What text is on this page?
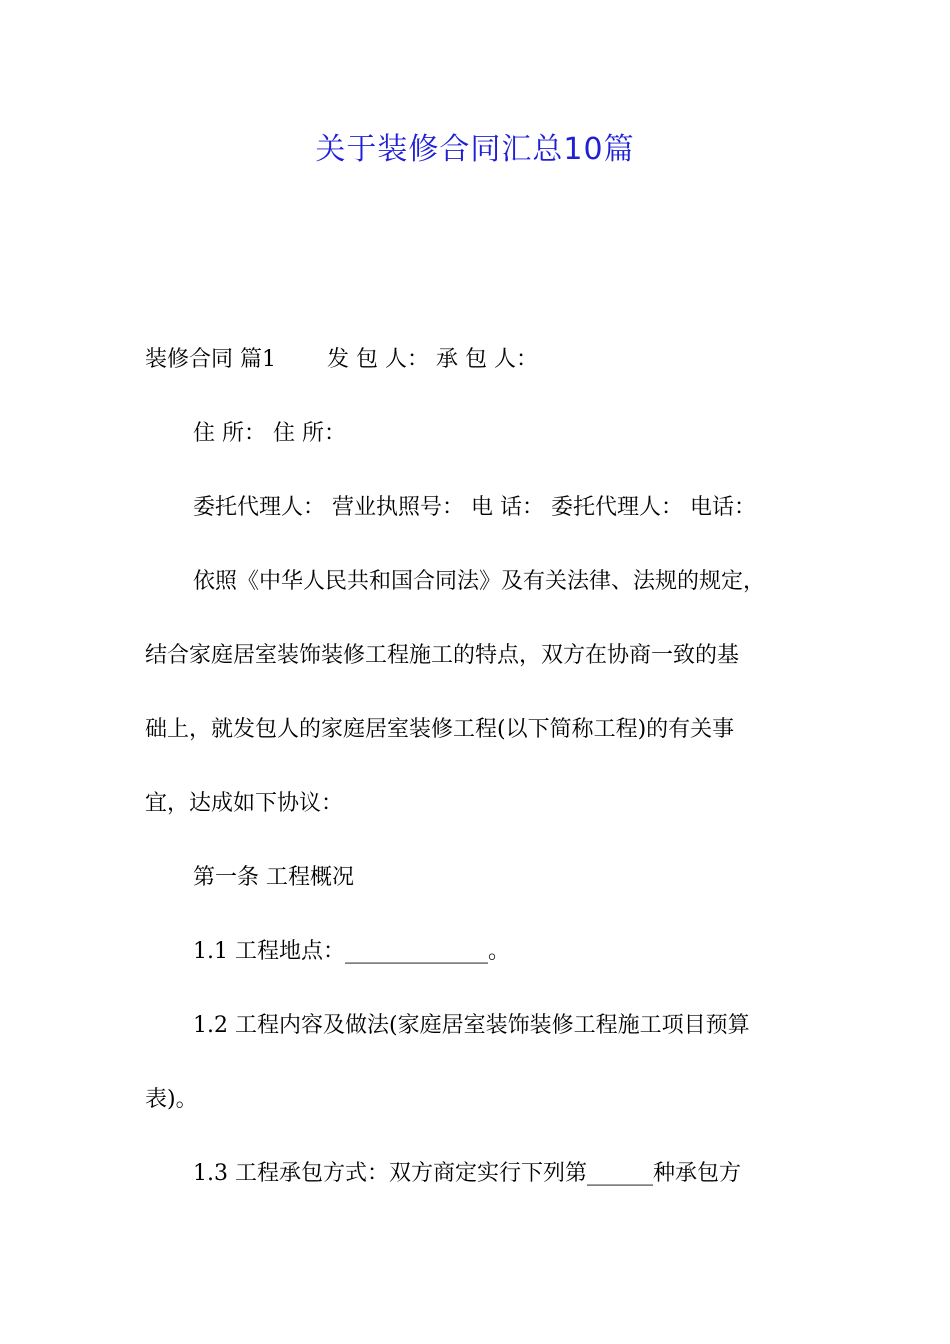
关于装修合同汇总10篇
装修合同 篇1　　 发 包 人： 承 包 人：
住 所： 住 所：
委托代理人： 营业执照号： 电 话： 委托代理人： 电话：
依照《中华人民共和国合同法》及有关法律、法规的规定，
结合家庭居室装饰装修工程施工的特点，双方在协商一致的基
础上，就发包人的家庭居室装修工程(以下简称工程)的有关事
宜，达成如下协议：
第一条 工程概况
1.1 工程地点：_____________。
1.2 工程内容及做法(家庭居室装饰装修工程施工项目预算
表)。
1.3 工程承包方式：双方商定实行下列第______种承包方
